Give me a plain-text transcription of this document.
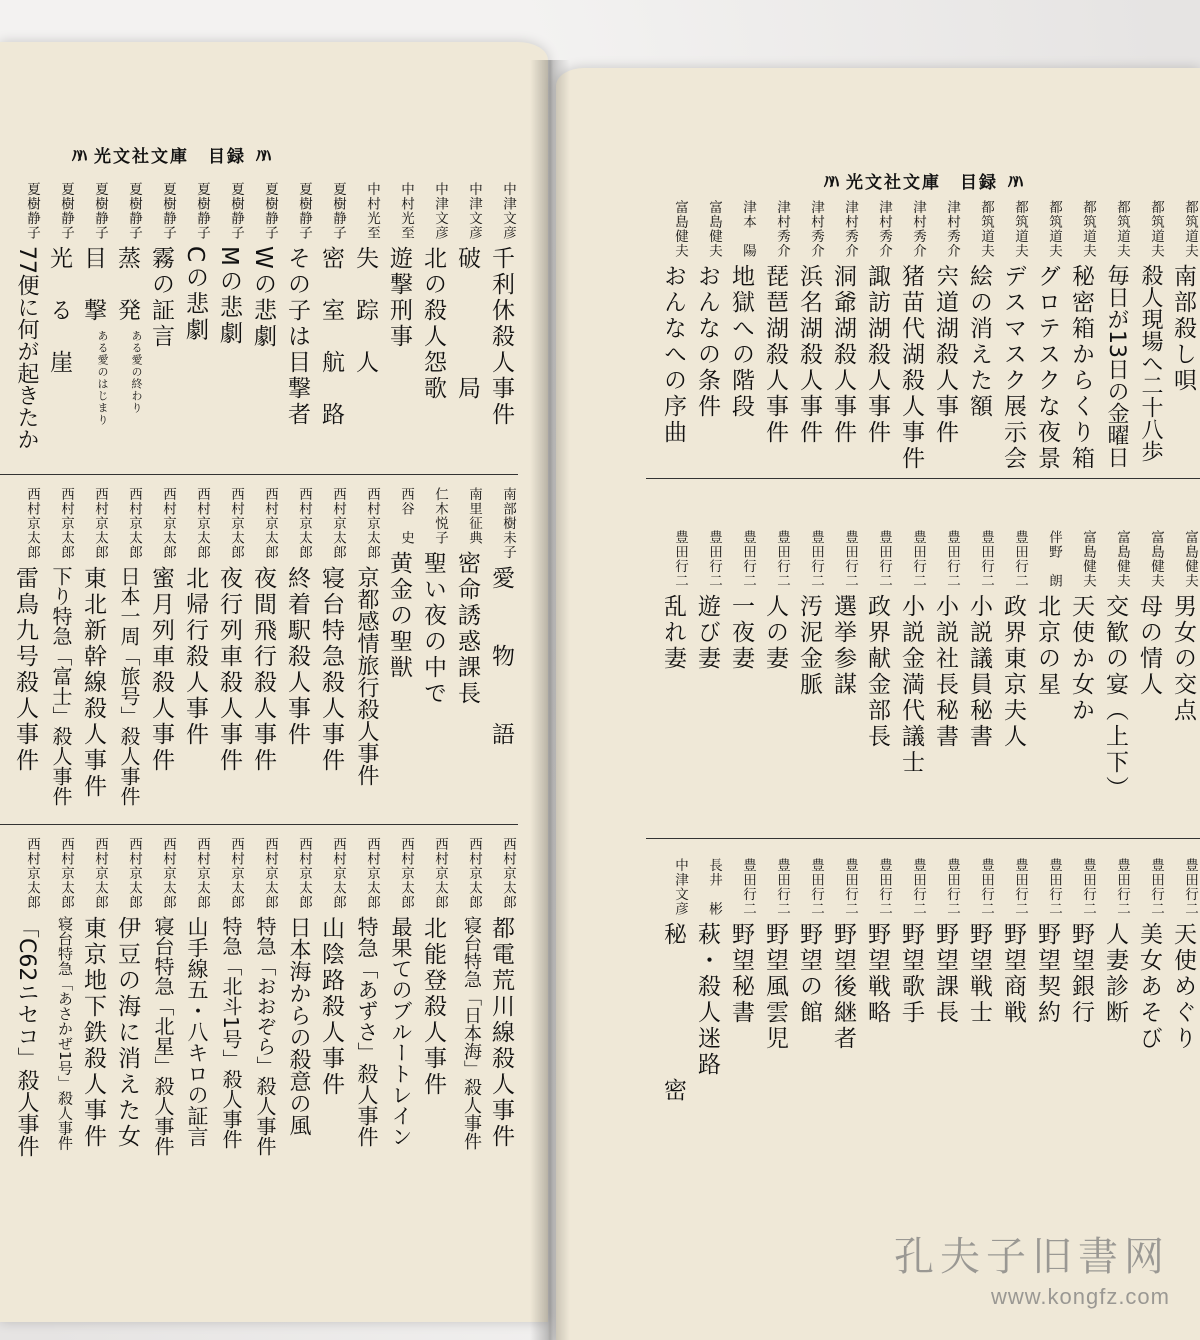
ﾊﾊ 光文社文庫　目録 ﾊﾊ
中津文彦
千利休殺人事件
中津文彦
破　　　　局
中津文彦
北の殺人怨歌
中村光至
遊撃刑事
中村光至
失　踪　人
夏樹静子
密　室　航　路
夏樹静子
その子は目撃者
夏樹静子
Wの悲劇
夏樹静子
Mの悲劇
夏樹静子
Cの悲劇
夏樹静子
霧の証言
夏樹静子
蒸　発
ある愛の終わり
夏樹静子
目　撃
ある愛のはじまり
夏樹静子
光　る　崖
夏樹静子
77便に何が起きたか
南部樹未子
愛　　物　　語
南里征典
密命誘惑課長
仁木悦子
聖い夜の中で
西谷　史
黄金の聖獣
西村京太郎
京都感情旅行殺人事件
西村京太郎
寝台特急殺人事件
西村京太郎
終着駅殺人事件
西村京太郎
夜間飛行殺人事件
西村京太郎
夜行列車殺人事件
西村京太郎
北帰行殺人事件
西村京太郎
蜜月列車殺人事件
西村京太郎
日本一周「旅号」殺人事件
西村京太郎
東北新幹線殺人事件
西村京太郎
下り特急「富士」殺人事件
西村京太郎
雷鳥九号殺人事件
西村京太郎
都電荒川線殺人事件
西村京太郎
寝台特急「日本海」殺人事件
西村京太郎
北能登殺人事件
西村京太郎
最果てのブルートレイン
西村京太郎
特急「あずさ」殺人事件
西村京太郎
山陰路殺人事件
西村京太郎
日本海からの殺意の風
西村京太郎
特急「おおぞら」殺人事件
西村京太郎
特急「北斗1号」殺人事件
西村京太郎
山手線五・八キロの証言
西村京太郎
寝台特急「北星」殺人事件
西村京太郎
伊豆の海に消えた女
西村京太郎
東京地下鉄殺人事件
西村京太郎
寝台特急「あさかぜ1号」殺人事件
西村京太郎
「C62ニセコ」殺人事件
ﾊﾊ 光文社文庫　目録 ﾊﾊ
都筑道夫
南部殺し唄
都筑道夫
殺人現場へ二十八歩
都筑道夫
毎日が13日の金曜日
都筑道夫
秘密箱からくり箱
都筑道夫
グロテスクな夜景
都筑道夫
デスマスク展示会
都筑道夫
絵の消えた額
津村秀介
宍道湖殺人事件
津村秀介
猪苗代湖殺人事件
津村秀介
諏訪湖殺人事件
津村秀介
洞爺湖殺人事件
津村秀介
浜名湖殺人事件
津村秀介
琵琶湖殺人事件
津本　陽
地獄への階段
富島健夫
おんなの条件
富島健夫
おんなへの序曲
富島健夫
男女の交点
富島健夫
母の情人
富島健夫
交歓の宴（上下）
富島健夫
天使か女か
伴野　朗
北京の星
豊田行二
政界東京夫人
豊田行二
小説議員秘書
豊田行二
小説社長秘書
豊田行二
小説金満代議士
豊田行二
政界献金部長
豊田行二
選挙参謀
豊田行二
汚泥金脈
豊田行二
人の妻
豊田行二
一夜妻
豊田行二
遊び妻
豊田行二
乱れ妻
豊田行二
天使めぐり
豊田行二
美女あそび
豊田行二
人妻診断
豊田行二
野望銀行
豊田行二
野望契約
豊田行二
野望商戦
豊田行二
野望戦士
豊田行二
野望課長
豊田行二
野望歌手
豊田行二
野望戦略
豊田行二
野望後継者
豊田行二
野望の館
豊田行二
野望風雲児
豊田行二
野望秘書
長井　彬
萩・殺人迷路
中津文彦
秘　　　　　密
孔夫子旧書网
www.kongfz.com
